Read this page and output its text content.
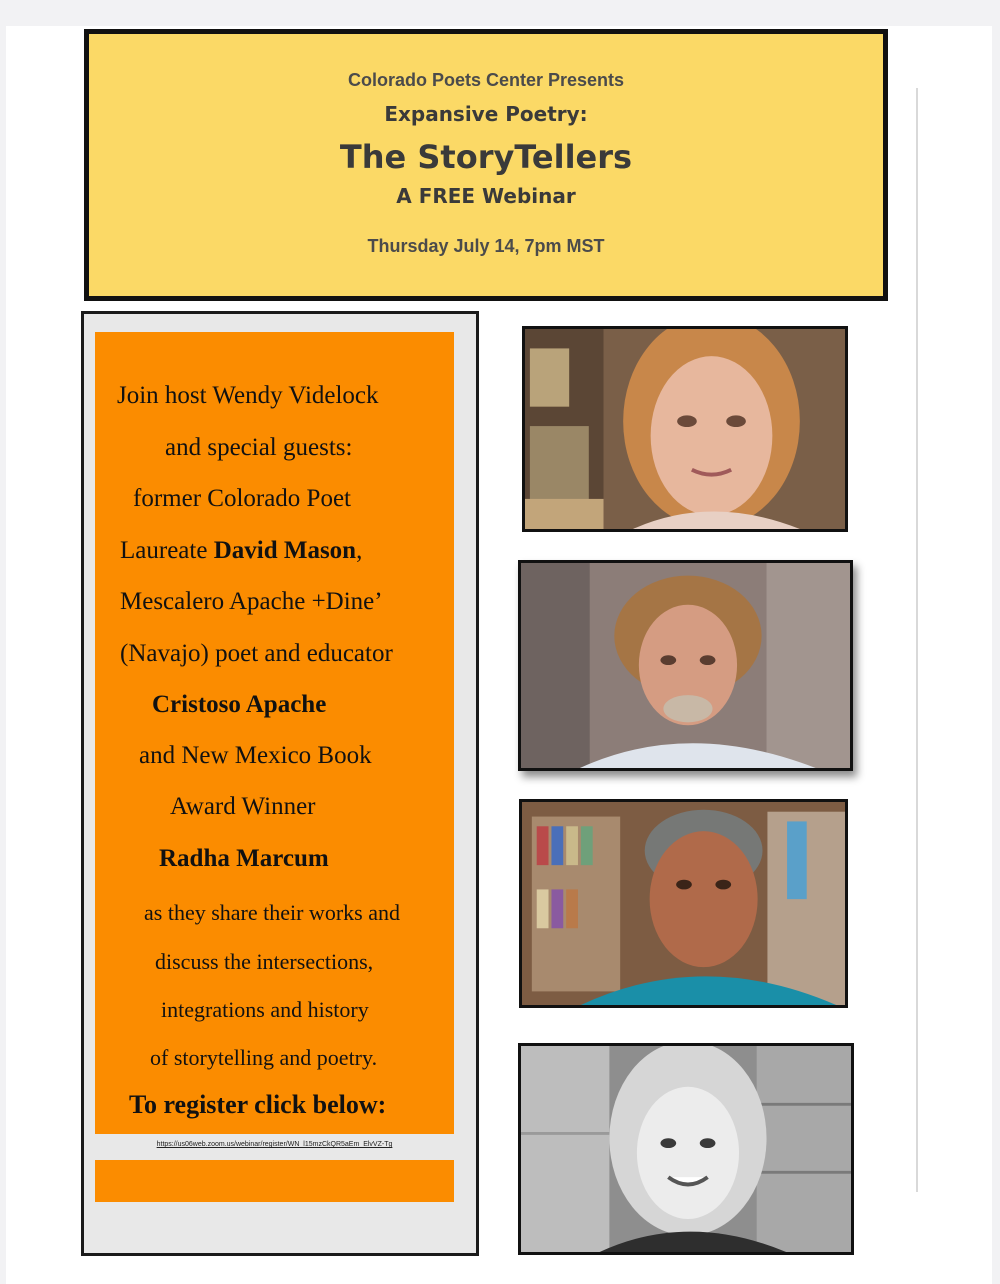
Colorado Poets Center Presents
Expansive Poetry:
The StoryTellers
A FREE Webinar
Thursday July 14, 7pm MST
Join host Wendy Videlock
and special guests:
former Colorado Poet
Laureate David Mason,
Mescalero Apache +Dine’
(Navajo) poet and educator
Cristoso Apache
and New Mexico Book
Award Winner
Radha Marcum
as they share their works and
discuss the intersections,
integrations and history
of storytelling and poetry.
To register click below:
https://us06web.zoom.us/webinar/register/WN_l15mzCkQR5aEm_ElvVZ-Tg
